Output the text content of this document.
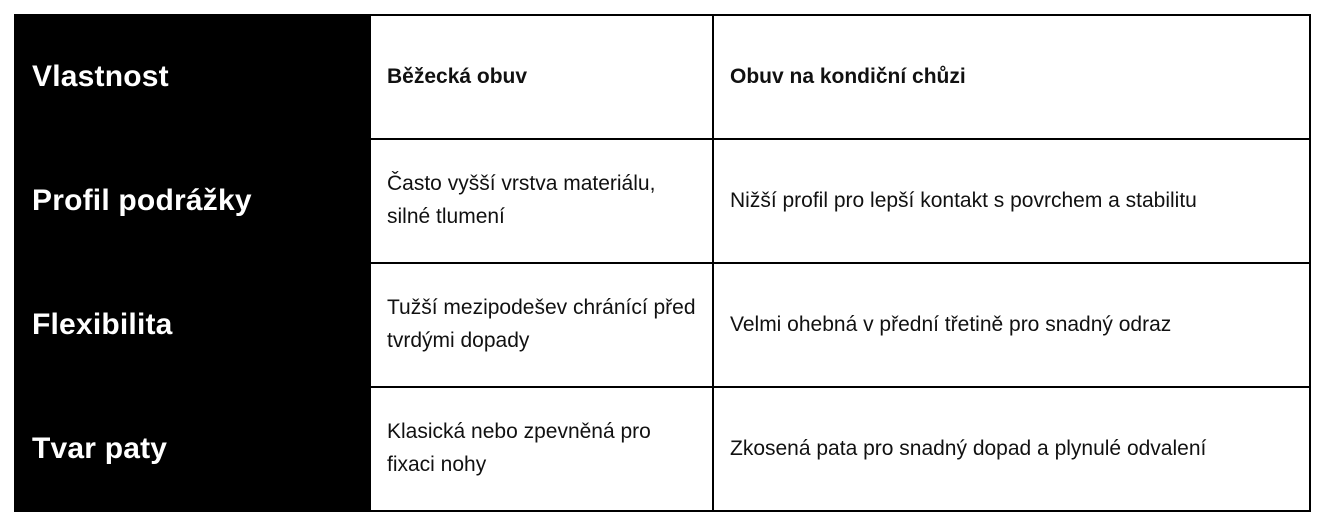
Vlastnost	Běžecká obuv	Obuv na kondiční chůzi
Profil podrážky	Často vyšší vrstva materiálu, silné tlumení	Nižší profil pro lepší kontakt s povrchem a stabilitu
Flexibilita	Tužší mezipodešev chránící před tvrdými dopady	Velmi ohebná v přední třetině pro snadný odraz
Tvar paty	Klasická nebo zpevněná pro fixaci nohy	Zkosená pata pro snadný dopad a plynulé odvalení
